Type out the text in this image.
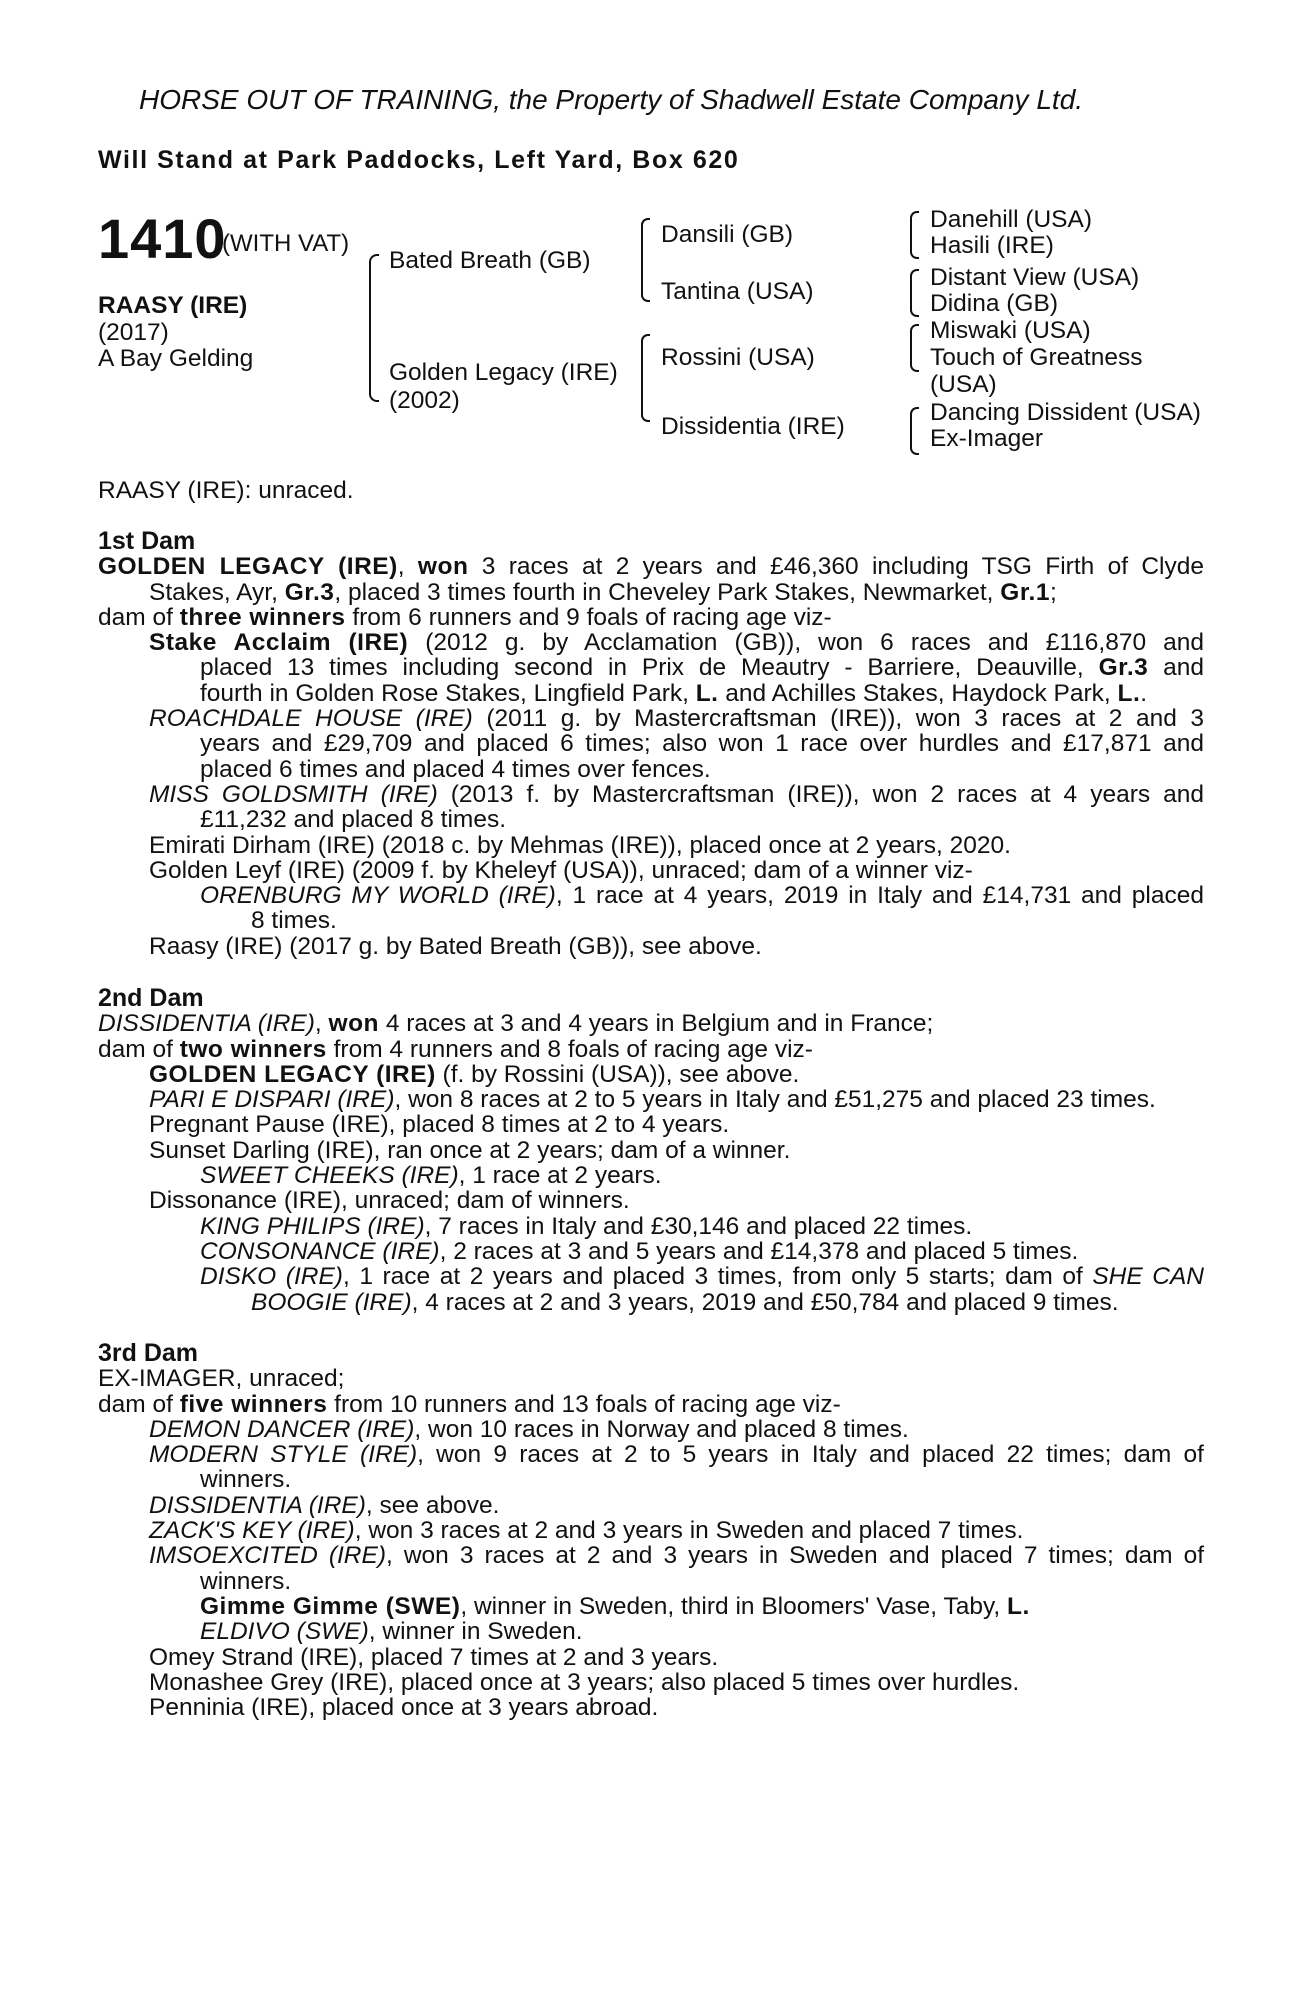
HORSE OUT OF TRAINING, the Property of Shadwell Estate Company Ltd.
Will Stand at Park Paddocks, Left Yard, Box 620
1410
(WITH VAT)
RAASY (IRE)
(2017)
A Bay Gelding
Bated Breath (GB)
Golden Legacy (IRE)
(2002)
Dansili (GB)
Tantina (USA)
Rossini (USA)
Dissidentia (IRE)
Danehill (USA)
Hasili (IRE)
Distant View (USA)
Didina (GB)
Miswaki (USA)
Touch of Greatness
(USA)
Dancing Dissident (USA)
Ex-Imager
RAASY (IRE): unraced.
1st Dam
GOLDEN LEGACY (IRE), won 3 races at 2 years and £46,360 including TSG Firth of Clyde
Stakes, Ayr, Gr.3, placed 3 times fourth in Cheveley Park Stakes, Newmarket, Gr.1;
dam of three winners from 6 runners and 9 foals of racing age viz-
Stake Acclaim (IRE) (2012 g. by Acclamation (GB)), won 6 races and £116,870 and
placed 13 times including second in Prix de Meautry - Barriere, Deauville, Gr.3 and
fourth in Golden Rose Stakes, Lingfield Park, L. and Achilles Stakes, Haydock Park, L..
ROACHDALE HOUSE (IRE) (2011 g. by Mastercraftsman (IRE)), won 3 races at 2 and 3
years and £29,709 and placed 6 times; also won 1 race over hurdles and £17,871 and
placed 6 times and placed 4 times over fences.
MISS GOLDSMITH (IRE) (2013 f. by Mastercraftsman (IRE)), won 2 races at 4 years and
£11,232 and placed 8 times.
Emirati Dirham (IRE) (2018 c. by Mehmas (IRE)), placed once at 2 years, 2020.
Golden Leyf (IRE) (2009 f. by Kheleyf (USA)), unraced; dam of a winner viz-
ORENBURG MY WORLD (IRE), 1 race at 4 years, 2019 in Italy and £14,731 and placed
8 times.
Raasy (IRE) (2017 g. by Bated Breath (GB)), see above.
2nd Dam
DISSIDENTIA (IRE), won 4 races at 3 and 4 years in Belgium and in France;
dam of two winners from 4 runners and 8 foals of racing age viz-
GOLDEN LEGACY (IRE) (f. by Rossini (USA)), see above.
PARI E DISPARI (IRE), won 8 races at 2 to 5 years in Italy and £51,275 and placed 23 times.
Pregnant Pause (IRE), placed 8 times at 2 to 4 years.
Sunset Darling (IRE), ran once at 2 years; dam of a winner.
SWEET CHEEKS (IRE), 1 race at 2 years.
Dissonance (IRE), unraced; dam of winners.
KING PHILIPS (IRE), 7 races in Italy and £30,146 and placed 22 times.
CONSONANCE (IRE), 2 races at 3 and 5 years and £14,378 and placed 5 times.
DISKO (IRE), 1 race at 2 years and placed 3 times, from only 5 starts; dam of SHE CAN
BOOGIE (IRE), 4 races at 2 and 3 years, 2019 and £50,784 and placed 9 times.
3rd Dam
EX-IMAGER, unraced;
dam of five winners from 10 runners and 13 foals of racing age viz-
DEMON DANCER (IRE), won 10 races in Norway and placed 8 times.
MODERN STYLE (IRE), won 9 races at 2 to 5 years in Italy and placed 22 times; dam of
winners.
DISSIDENTIA (IRE), see above.
ZACK'S KEY (IRE), won 3 races at 2 and 3 years in Sweden and placed 7 times.
IMSOEXCITED (IRE), won 3 races at 2 and 3 years in Sweden and placed 7 times; dam of
winners.
Gimme Gimme (SWE), winner in Sweden, third in Bloomers' Vase, Taby, L.
ELDIVO (SWE), winner in Sweden.
Omey Strand (IRE), placed 7 times at 2 and 3 years.
Monashee Grey (IRE), placed once at 3 years; also placed 5 times over hurdles.
Penninia (IRE), placed once at 3 years abroad.
